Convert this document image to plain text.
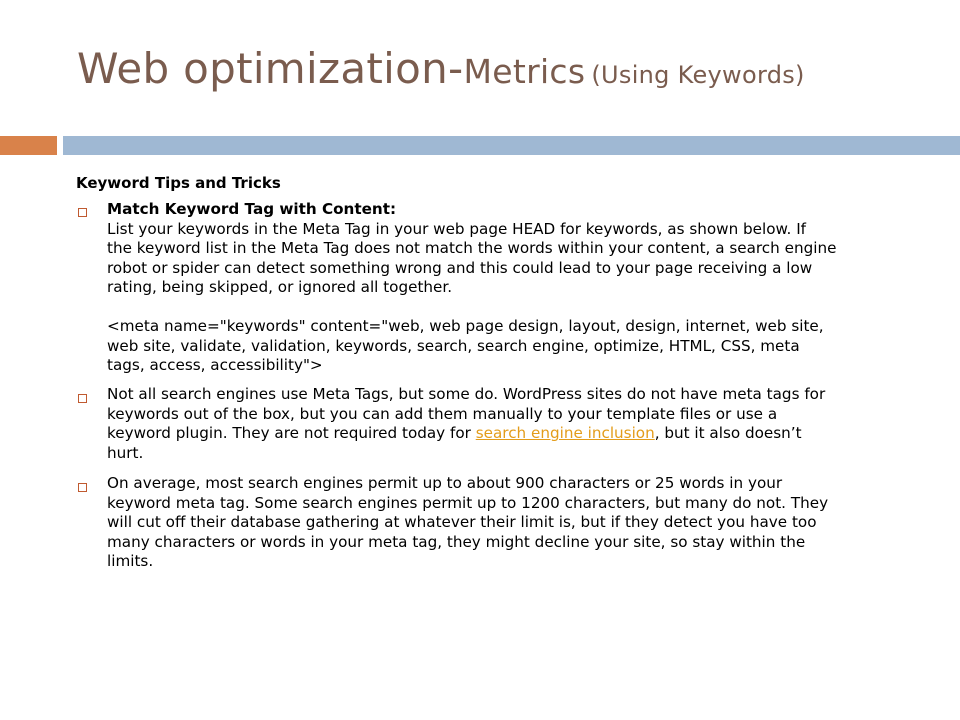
Web optimization-Metrics (Using Keywords)
Keyword Tips and Tricks
Match Keyword Tag with Content:
List your keywords in the Meta Tag in your web page HEAD for keywords, as shown below. If
the keyword list in the Meta Tag does not match the words within your content, a search engine
robot or spider can detect something wrong and this could lead to your page receiving a low
rating, being skipped, or ignored all together.
<meta name="keywords" content="web, web page design, layout, design, internet, web site,
web site, validate, validation, keywords, search, search engine, optimize, HTML, CSS, meta
tags, access, accessibility">
Not all search engines use Meta Tags, but some do. WordPress sites do not have meta tags for
keywords out of the box, but you can add them manually to your template files or use a
keyword plugin. They are not required today for search engine inclusion, but it also doesn’t
hurt.
On average, most search engines permit up to about 900 characters or 25 words in your
keyword meta tag. Some search engines permit up to 1200 characters, but many do not. They
will cut off their database gathering at whatever their limit is, but if they detect you have too
many characters or words in your meta tag, they might decline your site, so stay within the
limits.
